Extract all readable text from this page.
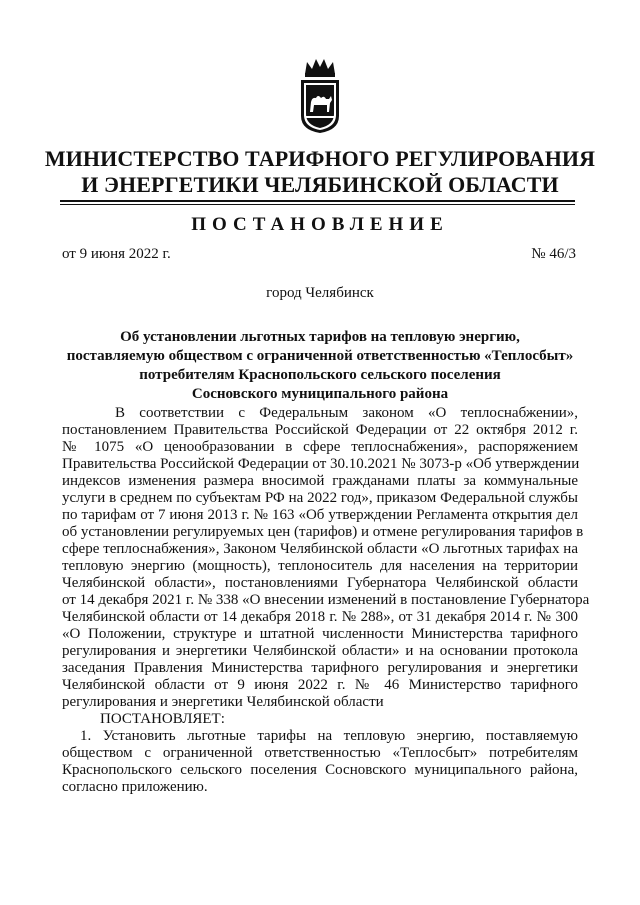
МИНИСТЕРСТВО ТАРИФНОГО РЕГУЛИРОВАНИЯ
И ЭНЕРГЕТИКИ ЧЕЛЯБИНСКОЙ ОБЛАСТИ
ПОСТАНОВЛЕНИЕ
от 9 июня 2022 г.	№ 46/3
город Челябинск
Об установлении льготных тарифов на тепловую энергию,
поставляемую обществом с ограниченной ответственностью «Теплосбыт»
потребителям Краснопольского сельского поселения
Сосновского муниципального района
В соответствии с Федеральным законом «О теплоснабжении»,
постановлением Правительства Российской Федерации от 22 октября 2012 г.
№ 1075 «О ценообразовании в сфере теплоснабжения», распоряжением
Правительства Российской Федерации от 30.10.2021 № 3073-р «Об утверждении
индексов изменения размера вносимой гражданами платы за коммунальные
услуги в среднем по субъектам РФ на 2022 год», приказом Федеральной службы
по тарифам от 7 июня 2013 г. № 163 «Об утверждении Регламента открытия дел
об установлении регулируемых цен (тарифов) и отмене регулирования тарифов в
сфере теплоснабжения», Законом Челябинской области «О льготных тарифах на
тепловую энергию (мощность), теплоноситель для населения на территории
Челябинской области», постановлениями Губернатора Челябинской области
от 14 декабря 2021 г. № 338 «О внесении изменений в постановление Губернатора
Челябинской области от 14 декабря 2018 г. № 288», от 31 декабря 2014 г. № 300
«О Положении, структуре и штатной численности Министерства тарифного
регулирования и энергетики Челябинской области» и на основании протокола
заседания Правления Министерства тарифного регулирования и энергетики
Челябинской области от 9 июня 2022 г. № 46 Министерство тарифного
регулирования и энергетики Челябинской области
ПОСТАНОВЛЯЕТ:
1. Установить льготные тарифы на тепловую энергию, поставляемую
обществом с ограниченной ответственностью «Теплосбыт» потребителям
Краснопольского сельского поселения Сосновского муниципального района,
согласно приложению.
